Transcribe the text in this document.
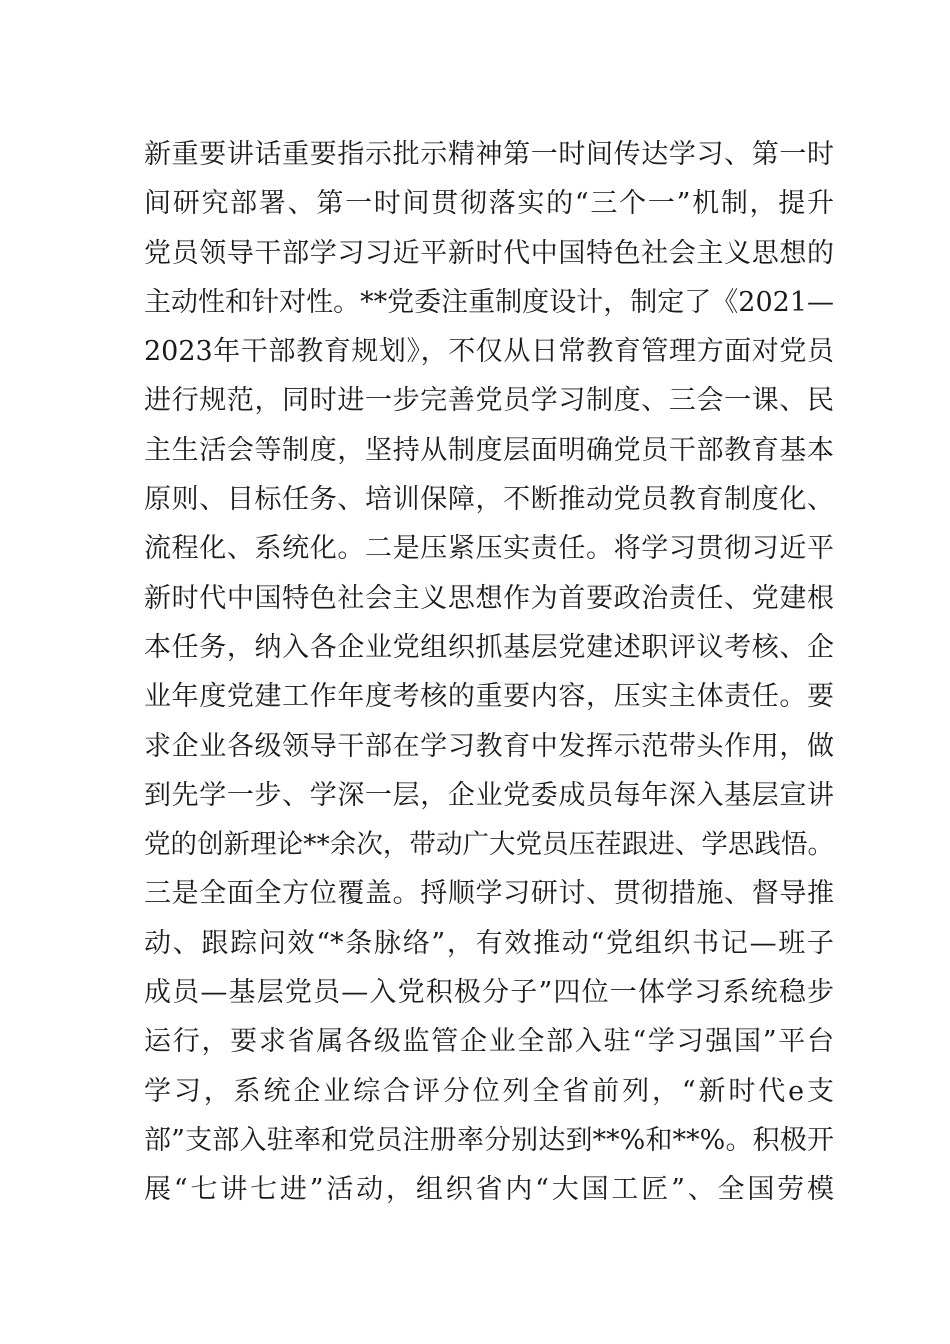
新重要讲话重要指示批示精神第一时间传达学习、第一时
间研究部署、第一时间贯彻落实的“三个一”机制，提升
党员领导干部学习习近平新时代中国特色社会主义思想的
主动性和针对性。**党委注重制度设计，制定了《2021—
2023年干部教育规划》，不仅从日常教育管理方面对党员
进行规范，同时进一步完善党员学习制度、三会一课、民
主生活会等制度，坚持从制度层面明确党员干部教育基本
原则、目标任务、培训保障，不断推动党员教育制度化、
流程化、系统化。二是压紧压实责任。将学习贯彻习近平
新时代中国特色社会主义思想作为首要政治责任、党建根
本任务，纳入各企业党组织抓基层党建述职评议考核、企
业年度党建工作年度考核的重要内容，压实主体责任。要
求企业各级领导干部在学习教育中发挥示范带头作用，做
到先学一步、学深一层，企业党委成员每年深入基层宣讲
党的创新理论**余次，带动广大党员压茬跟进、学思践悟。
三是全面全方位覆盖。捋顺学习研讨、贯彻措施、督导推
动、跟踪问效“*条脉络”，有效推动“党组织书记—班子
成员—基层党员—入党积极分子”四位一体学习系统稳步
运行，要求省属各级监管企业全部入驻“学习强国”平台
学习，系统企业综合评分位列全省前列，“新时代e支
部”支部入驻率和党员注册率分别达到**%和**%。积极开
展“七讲七进”活动，组织省内“大国工匠”、全国劳模
